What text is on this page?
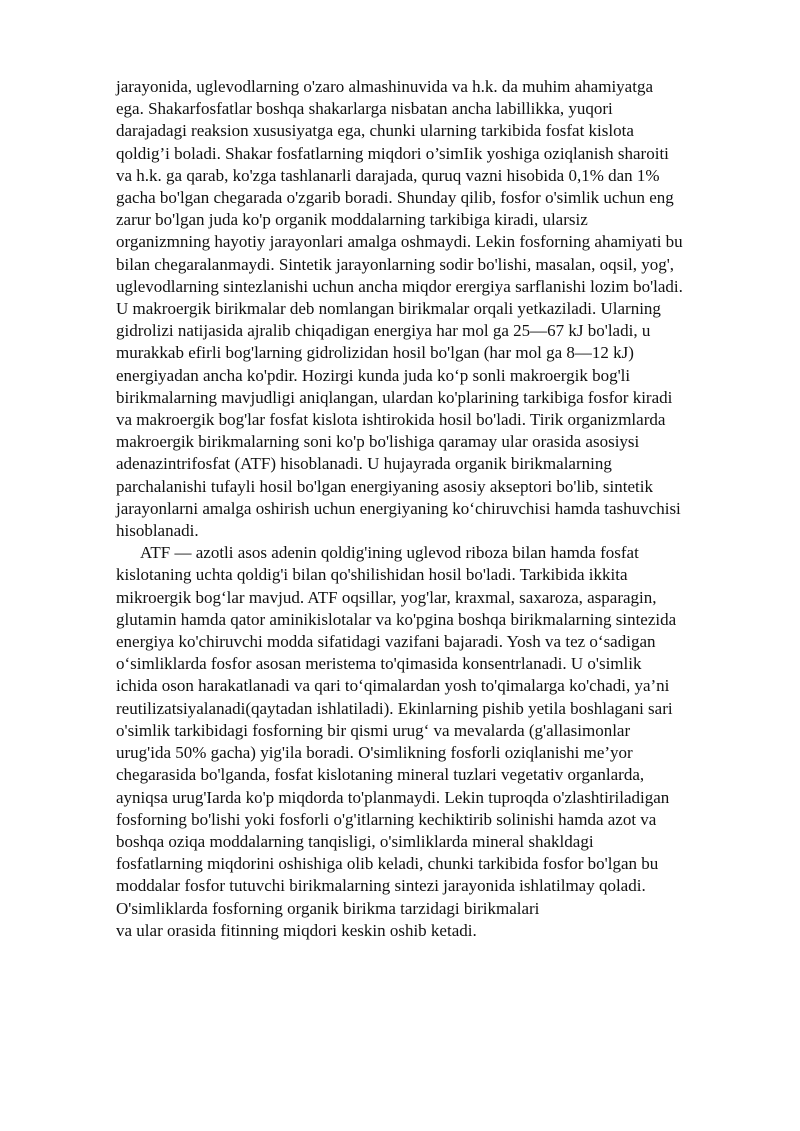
jarayonida, uglevodlarning o'zaro almashinuvida va h.k. da muhim ahamiyatga
ega. Shakarfosfatlar boshqa shakarlarga nisbatan ancha labillikka, yuqori
darajadagi reaksion xususiyatga ega, chunki ularning tarkibida fosfat kislota
qoldig’i boladi. Shakar fosfatlarning miqdori o’simIik yoshiga oziqlanish sharoiti
va h.k. ga qarab, ko'zga tashlanarli darajada, quruq vazni hisobida 0,1% dan 1%
gacha bo'lgan chegarada o'zgarib boradi. Shunday qilib, fosfor o'simlik uchun eng
zarur bo'lgan juda ko'p organik moddalarning tarkibiga kiradi, ularsiz
organizmning hayotiy jarayonlari amalga oshmaydi. Lekin fosforning ahamiyati bu
bilan chegaralanmaydi. Sintetik jarayonlarning sodir bo'lishi, masalan, oqsil, yog',
uglevodlarning sintezlanishi uchun ancha miqdor erergiya sarflanishi lozim bo'ladi.
U makroergik birikmalar deb nomlangan birikmalar orqali yetkaziladi. Ularning
gidrolizi natijasida ajralib chiqadigan energiya har mol ga 25—67 kJ bo'ladi, u
murakkab efirli bog'larning gidrolizidan hosil bo'lgan (har mol ga 8—12 kJ)
energiyadan ancha ko'pdir. Hozirgi kunda juda ko‘p sonli makroergik bog'li
birikmalarning mavjudligi aniqlangan, ulardan ko'plarining tarkibiga fosfor kiradi
va makroergik bog'lar fosfat kislota ishtirokida hosil bo'ladi. Tirik organizmlarda
makroergik birikmalarning soni ko'p bo'lishiga qaramay ular orasida asosiysi
adenazintrifosfat (ATF) hisoblanadi. U hujayrada organik birikmalarning
parchalanishi tufayli hosil bo'lgan energiyaning asosiy akseptori bo'lib, sintetik
jarayonlarni amalga oshirish uchun energiyaning ko‘chiruvchisi hamda tashuvchisi
hisoblanadi.
ATF — azotli asos adenin qoldig'ining uglevod riboza bilan hamda fosfat
kislotaning uchta qoldig'i bilan qo'shilishidan hosil bo'ladi. Tarkibida ikkita
mikroergik bog‘lar mavjud. ATF oqsillar, yog'lar, kraxmal, saxaroza, asparagin,
glutamin hamda qator aminikislotalar va ko'pgina boshqa birikmalarning sintezida
energiya ko'chiruvchi modda sifatidagi vazifani bajaradi. Yosh va tez o‘sadigan
o‘simliklarda fosfor asosan meristema to'qimasida konsentrlanadi. U o'simlik
ichida oson harakatlanadi va qari to‘qimalardan yosh to'qimalarga ko'chadi, ya’ni
reutilizatsiyalanadi(qaytadan ishlatiladi). Ekinlarning pishib yetila boshlagani sari
o'simlik tarkibidagi fosforning bir qismi urug‘ va mevalarda (g'allasimonlar
urug'ida 50% gacha) yig'ila boradi. O'simlikning fosforli oziqlanishi me’yor
chegarasida bo'lganda, fosfat kislotaning mineral tuzlari vegetativ organlarda,
ayniqsa urug'Iarda ko'p miqdorda to'planmaydi. Lekin tuproqda o'zlashtiriladigan
fosforning bo'lishi yoki fosforli o'g'itlarning kechiktirib solinishi hamda azot va
boshqa oziqa moddalarning tanqisligi, o'simliklarda mineral shakldagi
fosfatlarning miqdorini oshishiga olib keladi, chunki tarkibida fosfor bo'lgan bu
moddalar fosfor tutuvchi birikmalarning sintezi jarayonida ishlatilmay qoladi.
O'simliklarda fosforning organik birikma tarzidagi birikmalari
va ular orasida fitinning miqdori keskin oshib ketadi.
